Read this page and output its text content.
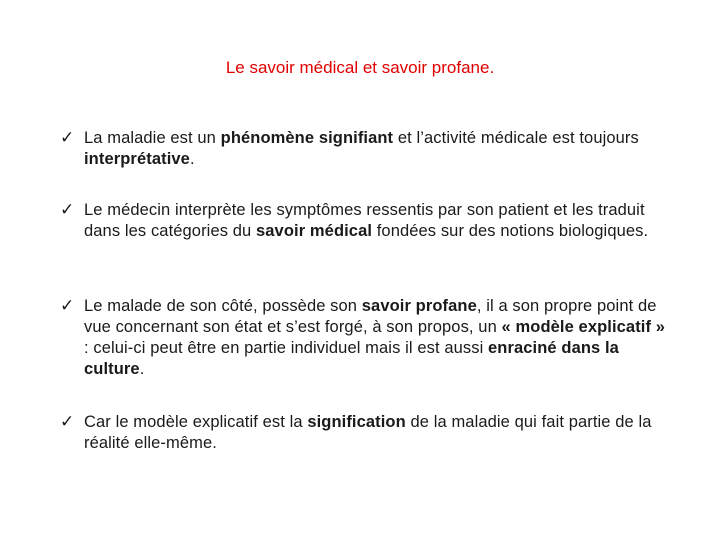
Le savoir médical et savoir profane.
✓ La maladie est un phénomène signifiant et l’activité médicale est toujours interprétative.
✓ Le médecin interprète les symptômes ressentis par son patient et les traduit dans les catégories du savoir médical fondées sur des notions biologiques.
✓ Le malade de son côté, possède son savoir profane, il a son propre point de vue concernant son état et s’est forgé, à son propos, un « modèle explicatif » : celui-ci peut être en partie individuel mais il est aussi enraciné dans la culture.
✓ Car le modèle explicatif est la signification de la maladie qui fait partie de la réalité elle-même.
